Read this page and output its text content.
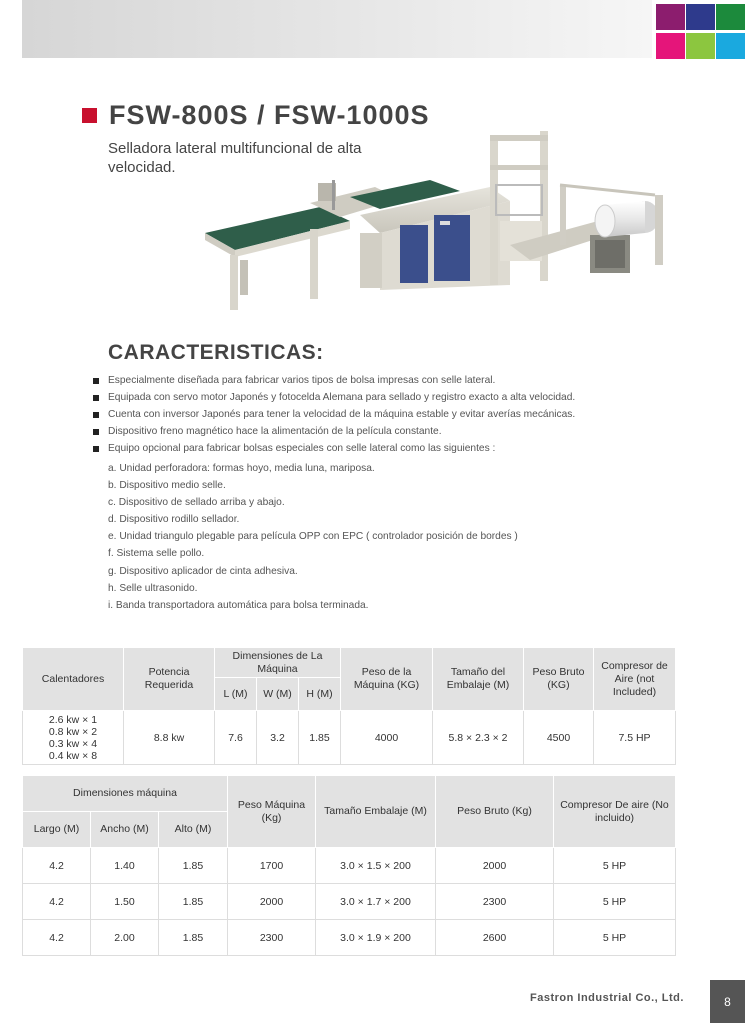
FSW-800S / FSW-1000S
Selladora lateral multifuncional de alta velocidad.
CARACTERISTICAS:
Especialmente diseñada para fabricar varios tipos de bolsa impresas con selle lateral.
Equipada con servo motor Japonés y fotocelda Alemana para sellado y registro exacto a alta velocidad.
Cuenta con inversor Japonés para tener la velocidad de la máquina estable y evitar averías mecánicas.
Dispositivo freno magnético hace la alimentación de la película constante.
Equipo opcional para fabricar bolsas especiales con selle lateral como las siguientes :
a. Unidad perforadora: formas hoyo, media luna, mariposa.
b. Dispositivo medio selle.
c. Dispositivo de sellado arriba y abajo.
d. Dispositivo rodillo sellador.
e. Unidad triangulo plegable para película OPP con EPC ( controlador posición de bordes )
f. Sistema selle pollo.
g. Dispositivo aplicador de cinta adhesiva.
h. Selle ultrasonido.
i. Banda transportadora automática para bolsa terminada.
Calentadores	Potencia Requerida	Dimensiones de La Máquina			Peso de la Máquina (KG)	Tamaño del Embalaje (M)	Peso Bruto (KG)	Compresor de Aire (not Included)
		L (M)	W (M)	H (M)				

2.6 kw × 1
0.8 kw × 2
0.3 kw × 4
0.4 kw × 8	8.8 kw	7.6	3.2	1.85	4000	5.8 × 2.3 × 2	4500	7.5 HP
Dimensiones máquina			Peso Máquina (Kg)	Tamaño Embalaje (M)	Peso Bruto (Kg)	Compresor De aire (No incluido)
Largo (M)	Ancho (M)	Alto (M)				
4.2	1.40	1.85	1700	3.0 × 1.5 × 200	2000	5 HP
4.2	1.50	1.85	2000	3.0 × 1.7 × 200	2300	5 HP
4.2	2.00	1.85	2300	3.0 × 1.9 × 200	2600	5 HP
Fastron Industrial Co., Ltd.	8
